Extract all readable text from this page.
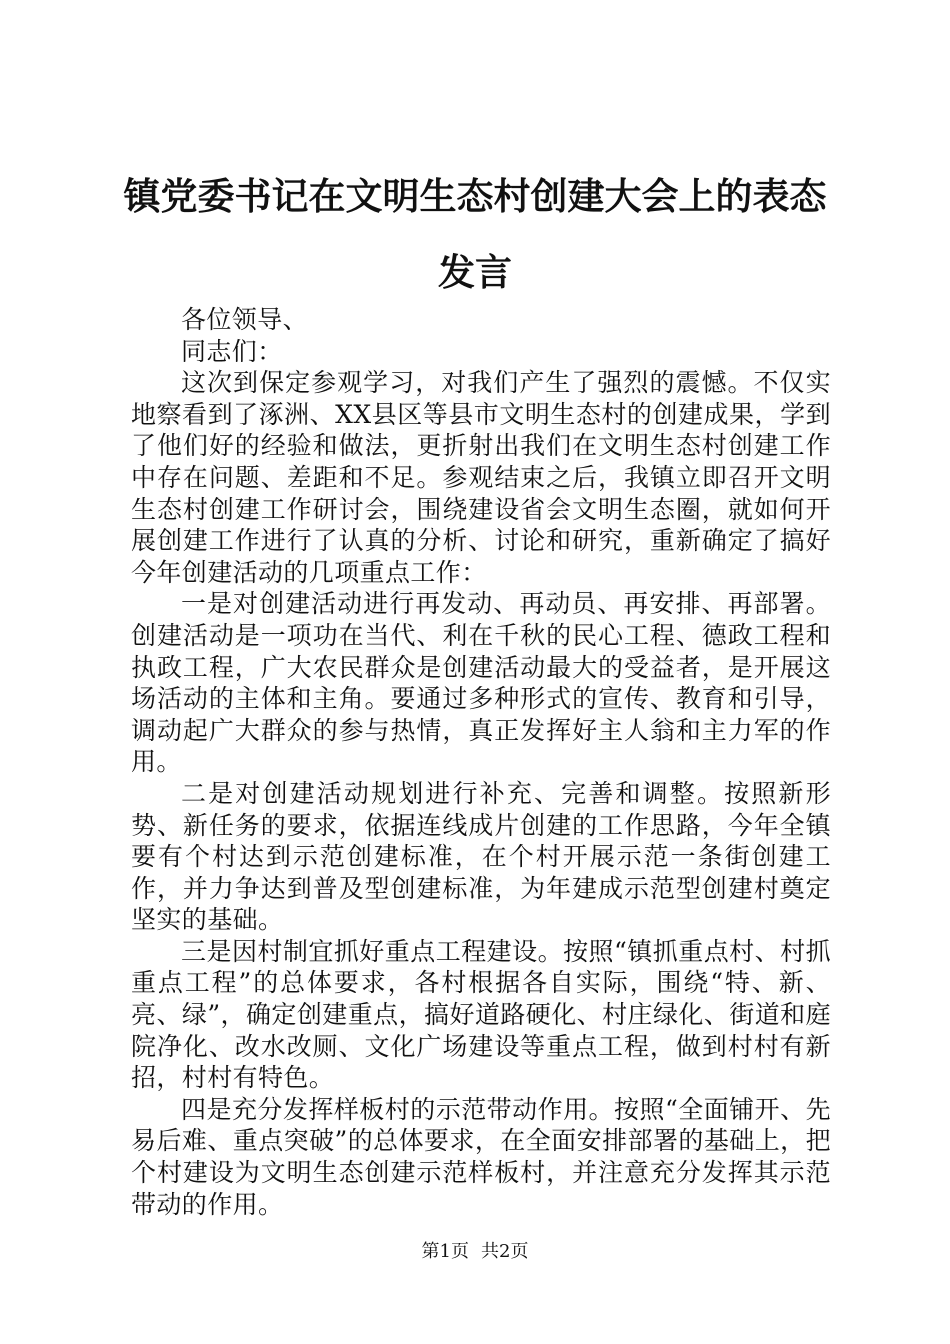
镇党委书记在文明生态村创建大会上的表态发言

各位领导、

同志们：

这次到保定参观学习，对我们产生了强烈的震憾。不仅实地察看到了涿洲、XX县区等县市文明生态村的创建成果，学到了他们好的经验和做法，更折射出我们在文明生态村创建工作中存在问题、差距和不足。参观结束之后，我镇立即召开文明生态村创建工作研讨会，围绕建设省会文明生态圈，就如何开展创建工作进行了认真的分析、讨论和研究，重新确定了搞好今年创建活动的几项重点工作：

一是对创建活动进行再发动、再动员、再安排、再部署。创建活动是一项功在当代、利在千秋的民心工程、德政工程和执政工程，广大农民群众是创建活动最大的受益者，是开展这场活动的主体和主角。要通过多种形式的宣传、教育和引导，调动起广大群众的参与热情，真正发挥好主人翁和主力军的作用。

二是对创建活动规划进行补充、完善和调整。按照新形势、新任务的要求，依据连线成片创建的工作思路，今年全镇要有个村达到示范创建标准，在个村开展示范一条街创建工作，并力争达到普及型创建标准，为年建成示范型创建村奠定坚实的基础。

三是因村制宜抓好重点工程建设。按照“镇抓重点村、村抓重点工程”的总体要求，各村根据各自实际，围绕“特、新、亮、绿”，确定创建重点，搞好道路硬化、村庄绿化、街道和庭院净化、改水改厕、文化广场建设等重点工程，做到村村有新招，村村有特色。

四是充分发挥样板村的示范带动作用。按照“全面铺开、先易后难、重点突破”的总体要求，在全面安排部署的基础上，把个村建设为文明生态创建示范样板村，并注意充分发挥其示范带动的作用。

第1页 共2页
